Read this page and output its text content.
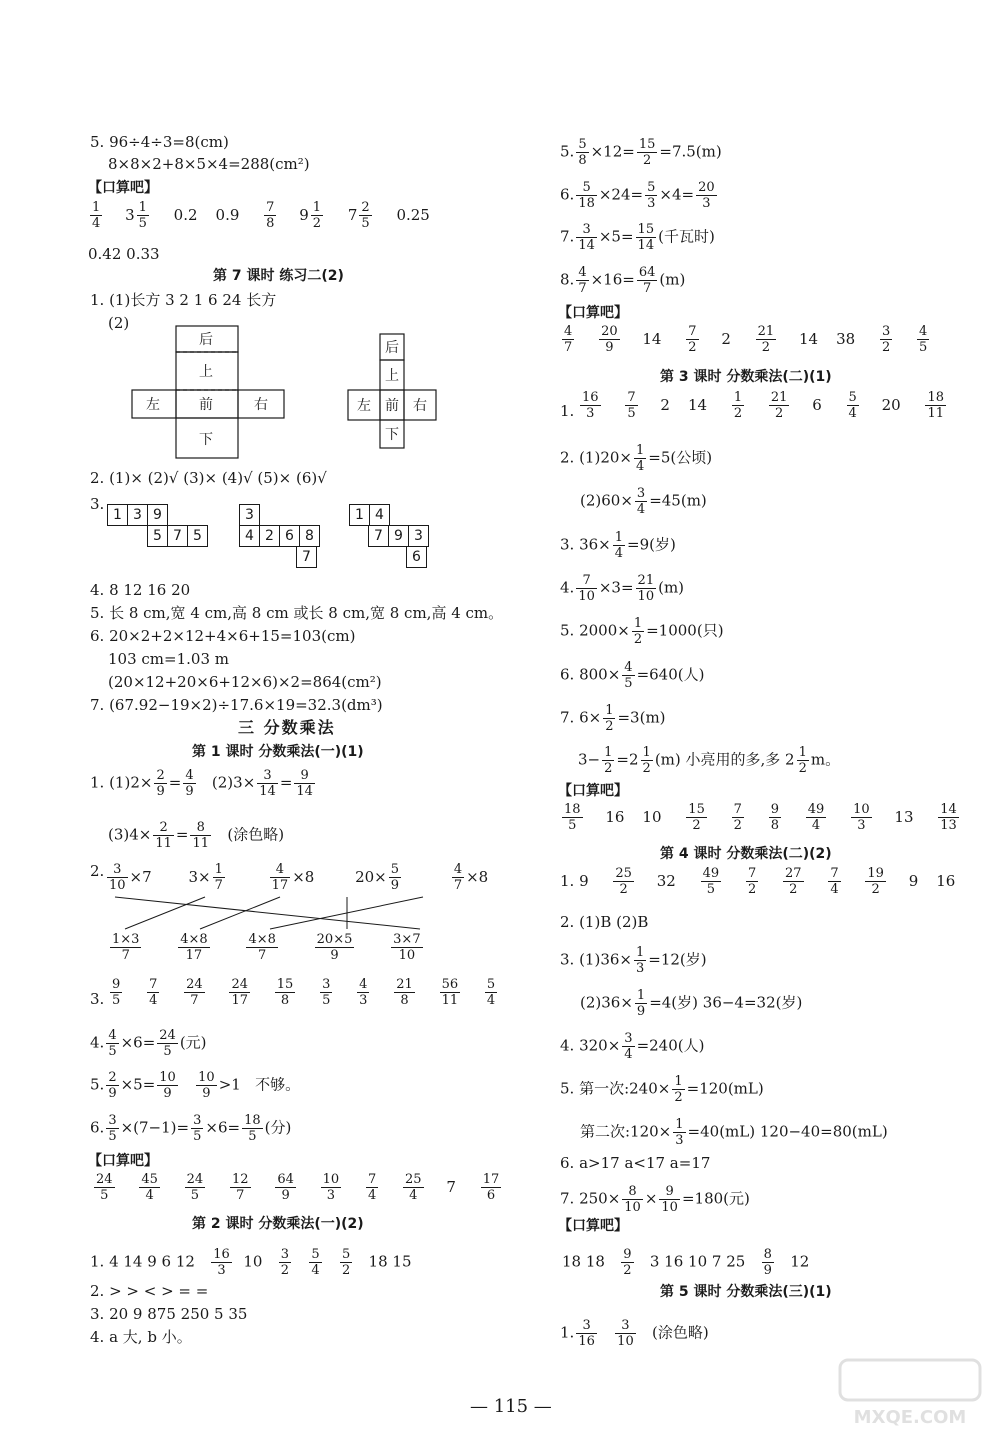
5. 96÷4÷3=8(cm)
8×8×2+8×5×4=288(cm²)
【口算吧】
$\frac{1}{4} 3 \frac{1}{5} 0.2$ $0.9 \frac{7}{8} 9 \frac{1}{2} 7 \frac{2}{5} 0.25$
0.42 0.33
第 7 课时 练习二(2)
1. (1)长方 3 2 1 6 24 长方
(2)
后
上
左	前	右
下
后
上
左 前 右
下
2. (1)× (2)√ (3)× (4)√ (5)× (6)√
3.
1 3 9
5 7 5
3
4 2 6 8
7
1 4
7 9 3
6
4. 8 12 16 20
5. 长 8 cm,宽 4 cm,高 8 cm 或长 8 cm,宽 8 cm,高 4 cm。
6. 20×2+2×12+4×6+15=103(cm)
103 cm=1.03 m
(20×12+20×6+12×6)×2=864(cm²)
7. (67.92−19×2)÷17.6×19=32.3(dm³)
三 分数乘法
第 1 课时 分数乘法(一)(1)
1. $(1)2\times \frac{2}{9} = \frac{4}{9} (2)3\times \frac{3}{14} = \frac{9}{14}$
$(3)4\times \frac{2}{11} = \frac{8}{11}$ (涂色略)
2. $\frac{3}{10} \times 7$ $3\times \frac{1}{7}$
	$\frac{4}{17} \times 8$	$20\times \frac{5}{9}$
	$\frac{4}{7} \times 8$
$\frac{1\times 3}{7}$
	$\frac{4\times 8}{17}$
	$\frac{4\times 8}{7}$
	$\frac{20\times 5}{9}$
	$\frac{3\times 7}{10}$
3. $\frac{9}{5}$
$\frac{7}{4}$
$\frac{24}{7}$
$\frac{24}{17}$
$\frac{15}{8}$
$\frac{3}{5}$
$\frac{4}{3}$
$\frac{21}{8}$
$\frac{56}{11}$
$\frac{5}{4}$
4. $\frac{4}{5} \times 6= \frac{24}{5}$ (元)
5. $\frac{2}{9} \times 5= \frac{10}{9}$
$\frac{10}{9} >1$   不够。
6. $\frac{3}{5} \times(7-1)= \frac{3}{5} \times 6= \frac{18}{5}$ (分)
【口算吧】
$\frac{24}{5}$
$\frac{45}{4}$
$\frac{24}{5}$
$\frac{12}{7}$
$\frac{64}{9}$
$\frac{10}{3}$
$\frac{7}{4}$
$\frac{25}{4} 7 \frac{17}{6}$
第 2 课时 分数乘法(一)(2)
1. 4 14 9 6 $12 \frac{16}{3} 10 \frac{3}{2}$
$\frac{5}{4}$
$\frac{5}{2} 18$ 15
2. > > < > = =
3. 20 9 875 250 5 35
4. a 大, b 小。
5. $\frac{5}{8} \times 12= \frac{15}{2} =7.5(m)$
6. $\frac{5}{18} \times 24= \frac{5}{3} \times 4= \frac{20}{3}$
7. $\frac{3}{14} \times 5= \frac{15}{14}$ (千瓦时)
8. $\frac{4}{7} \times 16= \frac{64}{7} (m)$
【口算吧】
$\frac{4}{7}$
$\frac{20}{9} 14 \frac{7}{2} 2 \frac{21}{2} 14$ $38 \frac{3}{2}$
$\frac{4}{5}$
第 3 课时 分数乘法(二)(1)
1. $\frac{16}{3}$
$\frac{7}{5} 2$ $14 \frac{1}{2}$
$\frac{21}{2} 6 \frac{5}{4} 20 \frac{18}{11}$
2. $(1)20\times \frac{1}{4} =5$(公顷)
$(2)60\times \frac{3}{4} =45(m)$
3. $36\times \frac{1}{4} =9$(岁)
4. $\frac{7}{10} \times 3= \frac{21}{10} (m)$
5. $2000\times \frac{1}{2} =1000$(只)
6. $800\times \frac{4}{5} =640$(人)
7. $6\times \frac{1}{2} =3(m)$
$3- \frac{1}{2} =2 \frac{1}{2} (m)$ 小亮用的多,多 $2 \frac{1}{2}$ m。
【口算吧】
$\frac{18}{5} 16$ $10 \frac{15}{2}$
$\frac{7}{2}$
$\frac{9}{8}$
$\frac{49}{4}$
$\frac{10}{3} 13 \frac{14}{13}$
第 4 课时 分数乘法(二)(2)
1. $9 \frac{25}{2} 32 \frac{49}{5}$
$\frac{7}{2}$
$\frac{27}{2}$
$\frac{7}{4}$
$\frac{19}{2} 9$ 16
2. (1)B (2)B
3. $(1)36\times \frac{1}{3} =12$(岁)
$(2)36\times \frac{1}{9} =4$(岁) 36−4=32(岁)
4. $320\times \frac{3}{4} =240$(人)
5. 第一次:240× $\frac{1}{2} =120(mL)$
第二次:120× $\frac{1}{3} =40(mL)$ 120−40=80(mL)
6. a>17 a<17 a=17
7. $250\times \frac{8}{10} \times \frac{9}{10} =180$(元)
【口算吧】
18 $18 \frac{9}{2} 3$ 16 10 7 $25 \frac{8}{9} 12$
第 5 课时 分数乘法(三)(1)
1. $\frac{3}{16}$
$\frac{3}{10}$ (涂色略)
— 115 —
MXQE.COM
